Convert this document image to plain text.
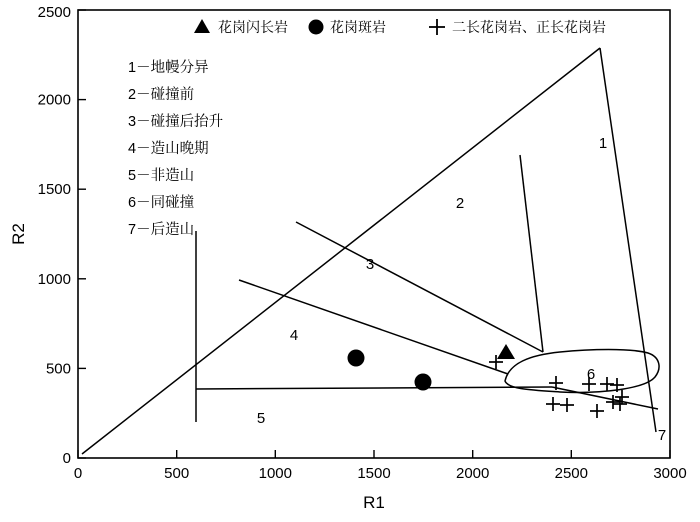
0
500
1000
1500
2000
2500
0	500	1000	1500	2000	2500	3000
R1
R2
1
2
3
4
5
6
7
花岗闪长岩	花岗斑岩	二长花岗岩、正长花岗岩
1－地幔分异
2－碰撞前
3－碰撞后抬升
4－造山晚期
5－非造山
6－同碰撞
7－后造山
